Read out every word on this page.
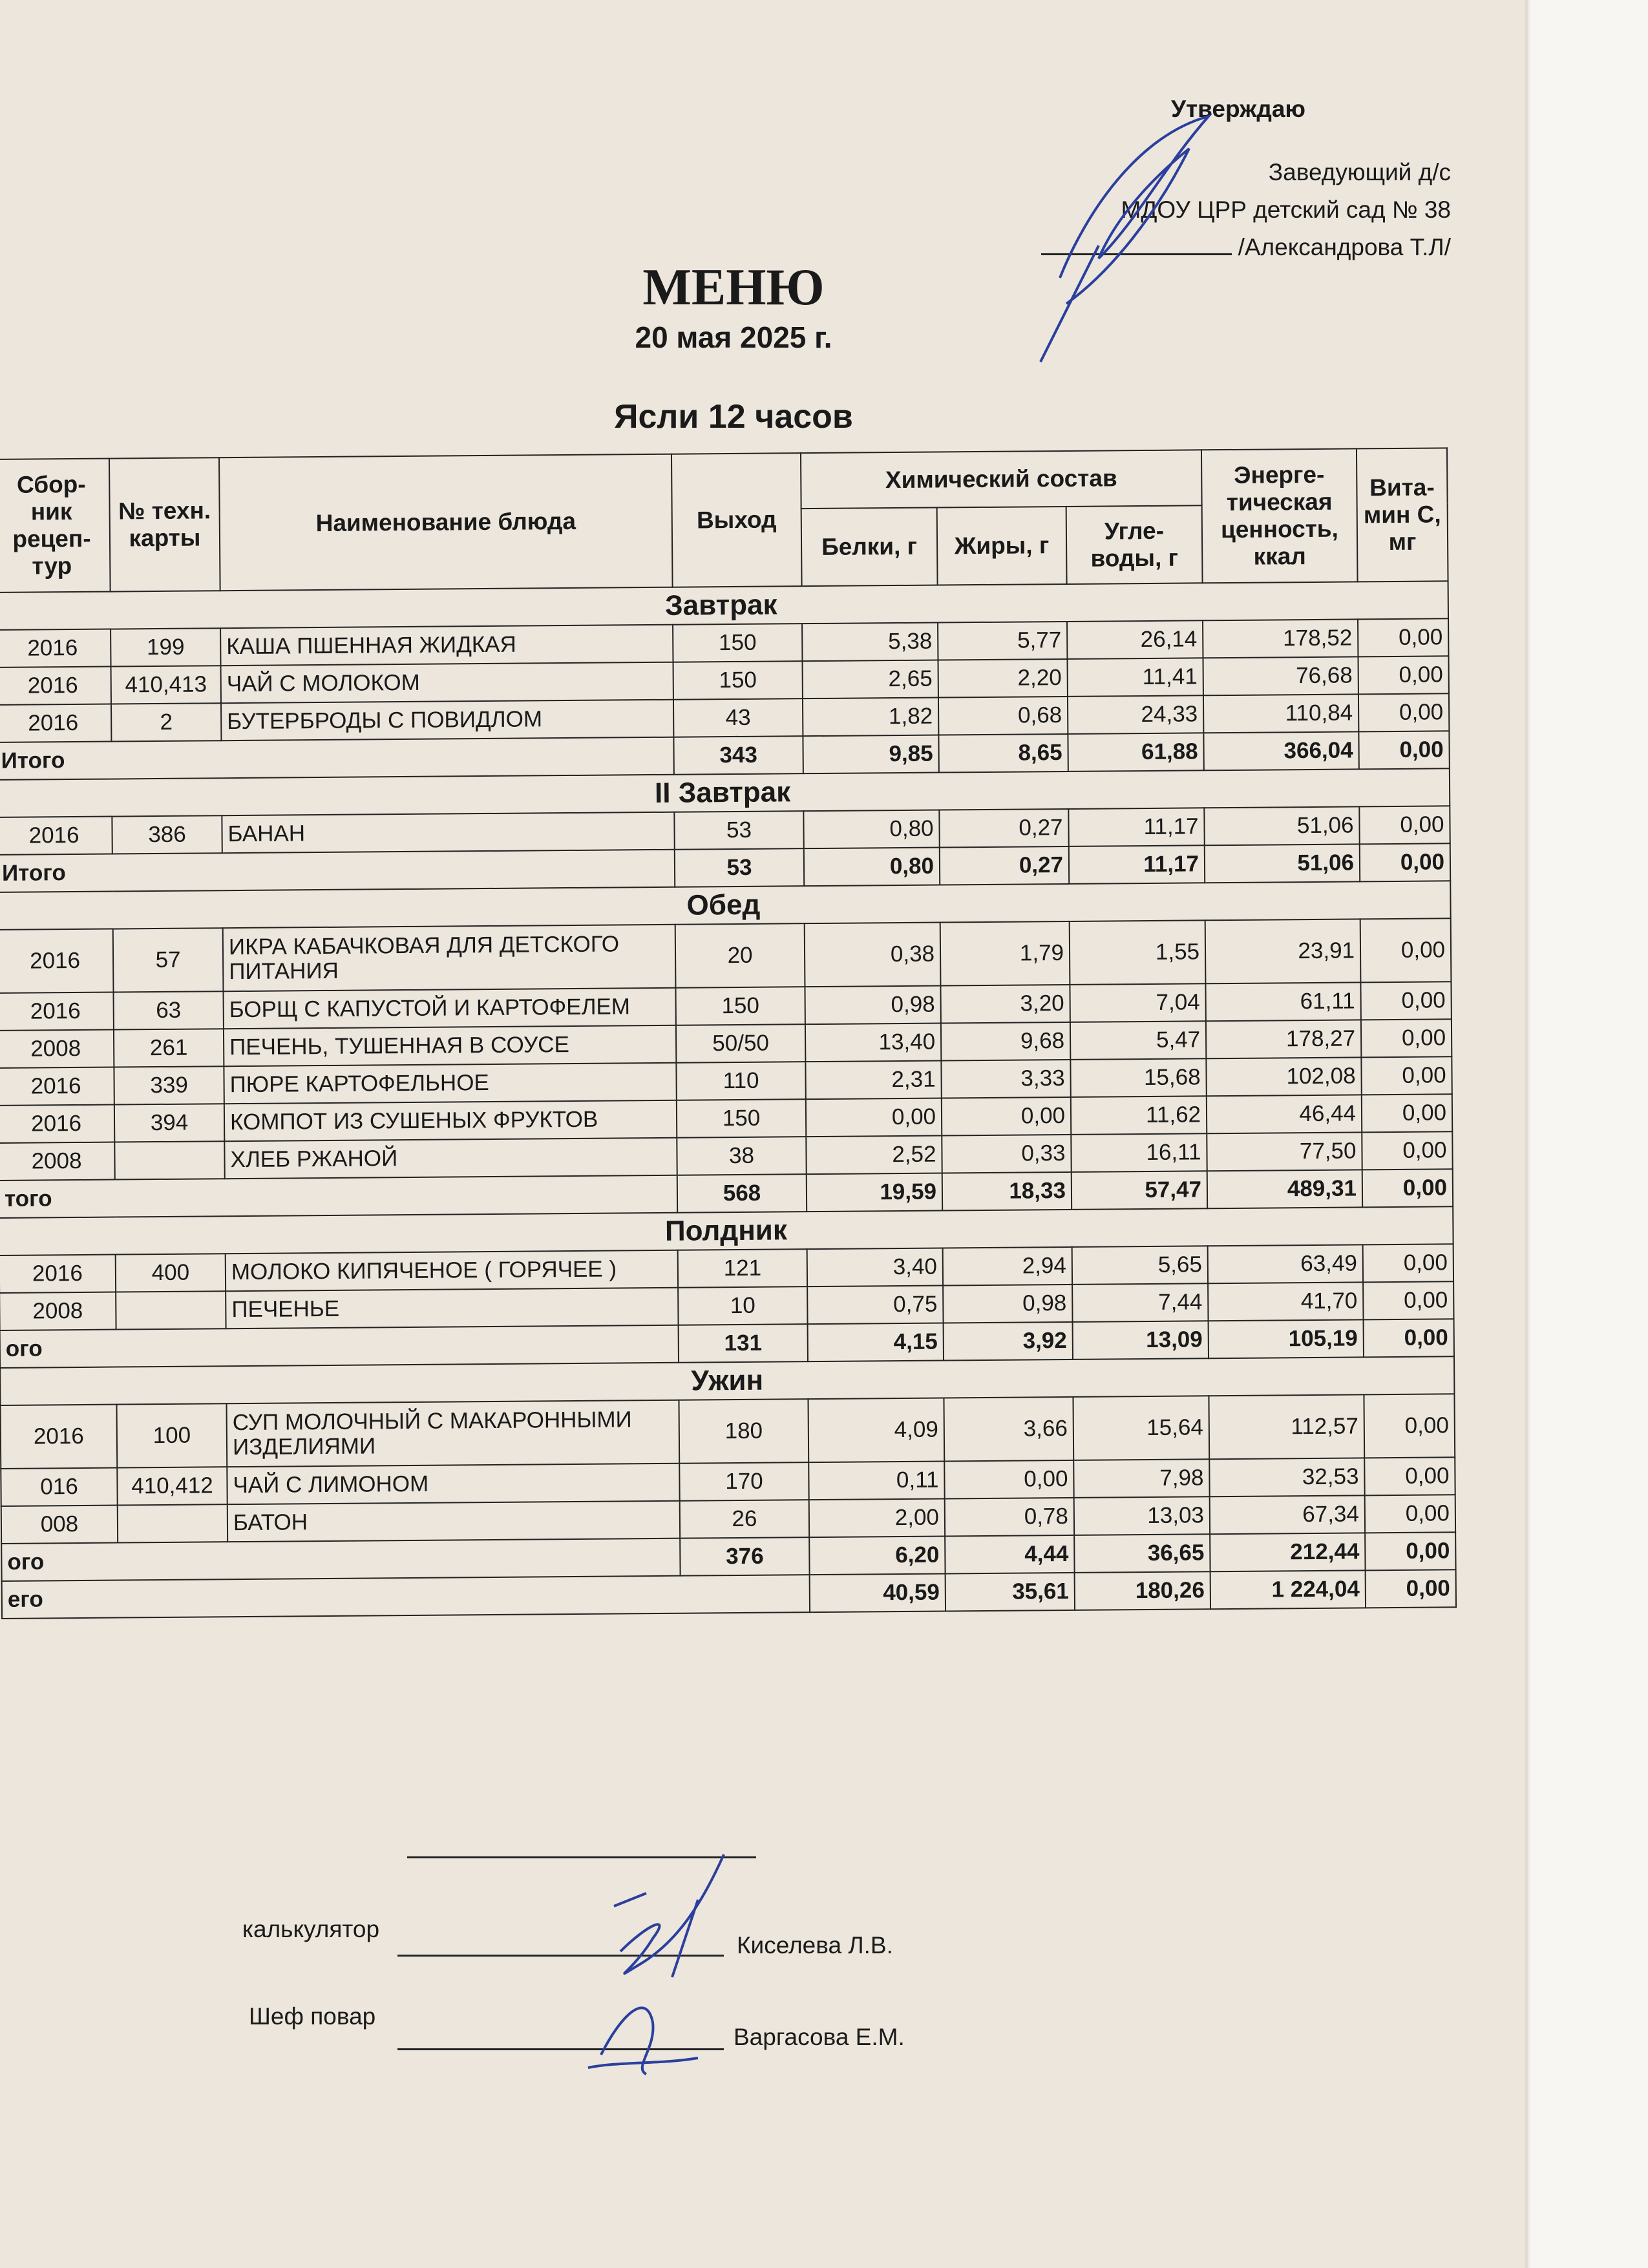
Утверждаю
Заведующий д/с
МДОУ ЦРР детский сад № 38
/Александрова Т.Л/
МЕНЮ
20 мая 2025 г.
Ясли 12 часов
Сбор-ник рецеп-тур	№ техн. карты	Наименование блюда	Выход	Химический состав			Энерге-тическая ценность, ккал	Вита-мин С, мг
				Белки, г	Жиры, г	Угле-воды, г		
Завтрак								
2016	199	КАША ПШЕННАЯ ЖИДКАЯ	150	5,38	5,77	26,14	178,52	0,00
2016	410,413	ЧАЙ С МОЛОКОМ	150	2,65	2,20	11,41	76,68	0,00
2016	2	БУТЕРБРОДЫ С ПОВИДЛОМ	43	1,82	0,68	24,33	110,84	0,00
Итого			343	9,85	8,65	61,88	366,04	0,00
II Завтрак								
2016	386	БАНАН	53	0,80	0,27	11,17	51,06	0,00
Итого			53	0,80	0,27	11,17	51,06	0,00
Обед								
2016	57	ИКРА КАБАЧКОВАЯ ДЛЯ ДЕТСКОГО ПИТАНИЯ	20	0,38	1,79	1,55	23,91	0,00
2016	63	БОРЩ С КАПУСТОЙ И КАРТОФЕЛЕМ	150	0,98	3,20	7,04	61,11	0,00
2008	261	ПЕЧЕНЬ, ТУШЕННАЯ В СОУСЕ	50/50	13,40	9,68	5,47	178,27	0,00
2016	339	ПЮРЕ КАРТОФЕЛЬНОЕ	110	2,31	3,33	15,68	102,08	0,00
2016	394	КОМПОТ ИЗ СУШЕНЫХ ФРУКТОВ	150	0,00	0,00	11,62	46,44	0,00
2008		ХЛЕБ РЖАНОЙ	38	2,52	0,33	16,11	77,50	0,00
того			568	19,59	18,33	57,47	489,31	0,00
Полдник								
2016	400	МОЛОКО КИПЯЧЕНОЕ ( ГОРЯЧЕЕ )	121	3,40	2,94	5,65	63,49	0,00
2008		ПЕЧЕНЬЕ	10	0,75	0,98	7,44	41,70	0,00
ого			131	4,15	3,92	13,09	105,19	0,00
Ужин								
2016	100	СУП МОЛОЧНЫЙ С МАКАРОННЫМИ ИЗДЕЛИЯМИ	180	4,09	3,66	15,64	112,57	0,00
016	410,412	ЧАЙ С ЛИМОНОМ	170	0,11	0,00	7,98	32,53	0,00
008		БАТОН	26	2,00	0,78	13,03	67,34	0,00
ого			376	6,20	4,44	36,65	212,44	0,00
его				40,59	35,61	180,26	1 224,04	0,00
калькулятор
Киселева Л.В.
Шеф повар
Варгасова Е.М.
